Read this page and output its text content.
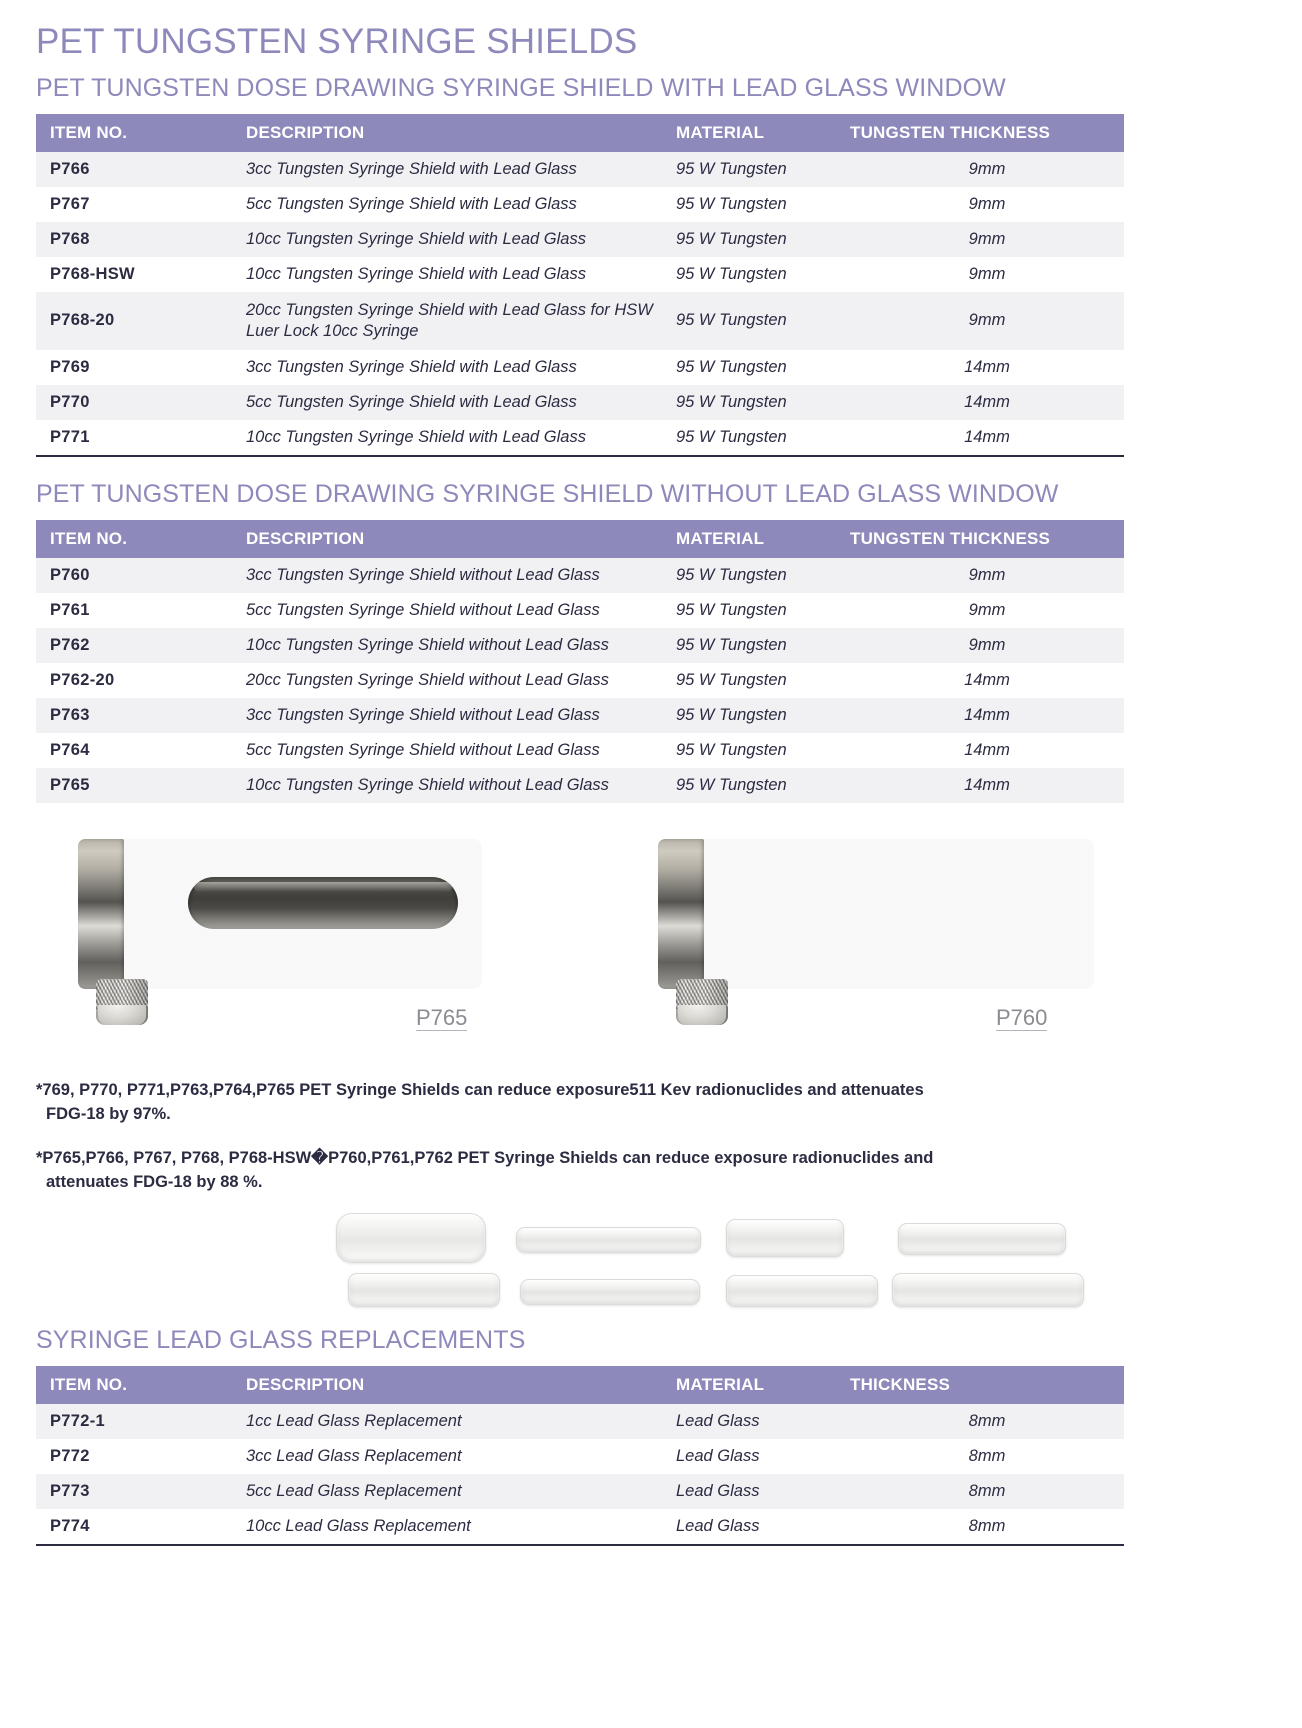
PET TUNGSTEN SYRINGE SHIELDS
PET TUNGSTEN DOSE DRAWING SYRINGE SHIELD WITH LEAD GLASS WINDOW
ITEM NO.	DESCRIPTION	MATERIAL	TUNGSTEN THICKNESS
P766	3cc Tungsten Syringe Shield with Lead Glass	95 W Tungsten	9mm
P767	5cc Tungsten Syringe Shield with Lead Glass	95 W Tungsten	9mm
P768	10cc Tungsten Syringe Shield with Lead Glass	95 W Tungsten	9mm
P768-HSW	10cc Tungsten Syringe Shield with Lead Glass	95 W Tungsten	9mm
P768-20	20cc Tungsten Syringe Shield with Lead Glass for HSW Luer Lock 10cc Syringe	95 W Tungsten	9mm
P769	3cc Tungsten Syringe Shield with Lead Glass	95 W Tungsten	14mm
P770	5cc Tungsten Syringe Shield with Lead Glass	95 W Tungsten	14mm
P771	10cc Tungsten Syringe Shield with Lead Glass	95 W Tungsten	14mm
PET TUNGSTEN DOSE DRAWING SYRINGE SHIELD WITHOUT LEAD GLASS WINDOW
ITEM NO.	DESCRIPTION	MATERIAL	TUNGSTEN THICKNESS
P760	3cc Tungsten Syringe Shield without Lead Glass	95 W Tungsten	9mm
P761	5cc Tungsten Syringe Shield without Lead Glass	95 W Tungsten	9mm
P762	10cc Tungsten Syringe Shield without Lead Glass	95 W Tungsten	9mm
P762-20	20cc Tungsten Syringe Shield without Lead Glass	95 W Tungsten	14mm
P763	3cc Tungsten Syringe Shield without Lead Glass	95 W Tungsten	14mm
P764	5cc Tungsten Syringe Shield without Lead Glass	95 W Tungsten	14mm
P765	10cc Tungsten Syringe Shield without Lead Glass	95 W Tungsten	14mm
P765	P760
*769, P770, P771,P763,P764,P765 PET Syringe Shields can reduce exposure511 Kev radionuclides and attenuates
FDG-18 by 97%.
*P765,P766, P767, P768, P768-HSW�P760,P761,P762 PET Syringe Shields can reduce exposure radionuclides and
attenuates FDG-18 by 88 %.
SYRINGE LEAD GLASS REPLACEMENTS
ITEM NO.	DESCRIPTION	MATERIAL	THICKNESS
P772-1	1cc Lead Glass Replacement	Lead Glass	8mm
P772	3cc Lead Glass Replacement	Lead Glass	8mm
P773	5cc Lead Glass Replacement	Lead Glass	8mm
P774	10cc Lead Glass Replacement	Lead Glass	8mm
